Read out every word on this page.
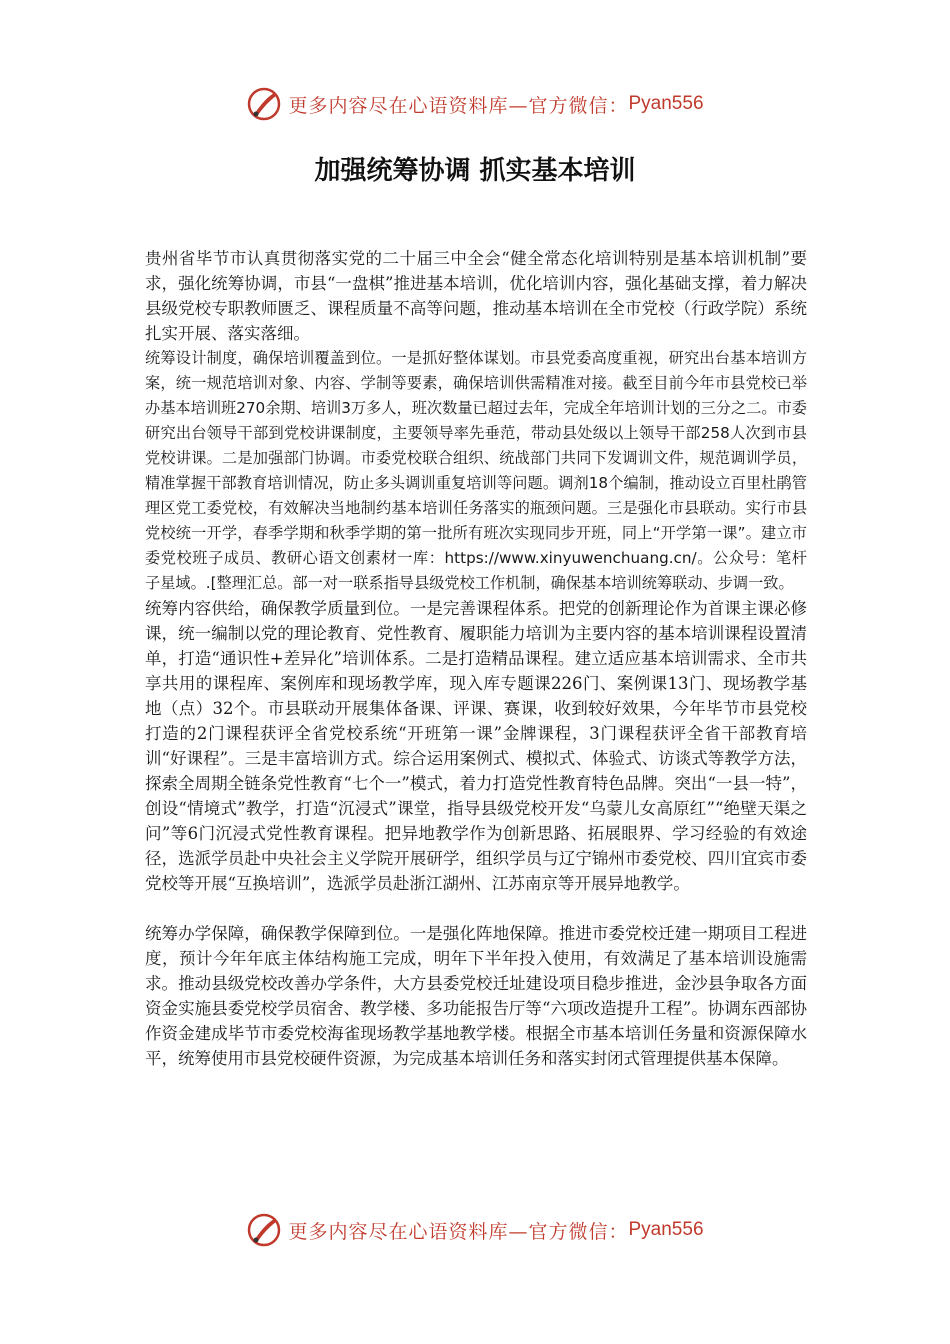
更多内容尽在心语资料库—官方微信： Pyan556
加强统筹协调 抓实基本培训

贵州省毕节市认真贯彻落实党的二十届三中全会“健全常态化培训特别是基本培训机制”要求，强化统筹协调，市县“一盘棋”推进基本培训，优化培训内容，强化基础支撑，着力解决县级党校专职教师匮乏、课程质量不高等问题，推动基本培训在全市党校（行政学院）系统扎实开展、落实落细。

统筹设计制度，确保培训覆盖到位。一是抓好整体谋划。市县党委高度重视，研究出台基本培训方案，统一规范培训对象、内容、学制等要素，确保培训供需精准对接。截至目前今年市县党校已举办基本培训班270余期、培训3万多人，班次数量已超过去年，完成全年培训计划的三分之二。市委研究出台领导干部到党校讲课制度，主要领导率先垂范，带动县处级以上领导干部258人次到市县党校讲课。二是加强部门协调。市委党校联合组织、统战部门共同下发调训文件，规范调训学员，精准掌握干部教育培训情况，防止多头调训重复培训等问题。调剂18个编制，推动设立百里杜鹃管理区党工委党校，有效解决当地制约基本培训任务落实的瓶颈问题。三是强化市县联动。实行市县党校统一开学，春季学期和秋季学期的第一批所有班次实现同步开班，同上“开学第一课”。建立市委党校班子成员、教研心语文创素材一库：https://www.xinyuwenchuang.cn/。公众号：笔杆子星域。.[整理汇总。部一对一联系指导县级党校工作机制，确保基本培训统筹联动、步调一致。

统筹内容供给，确保教学质量到位。一是完善课程体系。把党的创新理论作为首课主课必修课，统一编制以党的理论教育、党性教育、履职能力培训为主要内容的基本培训课程设置清单，打造“通识性+差异化”培训体系。二是打造精品课程。建立适应基本培训需求、全市共享共用的课程库、案例库和现场教学库，现入库专题课226门、案例课13门、现场教学基地（点）32个。市县联动开展集体备课、评课、赛课，收到较好效果，今年毕节市县党校打造的2门课程获评全省党校系统“开班第一课”金牌课程，3门课程获评全省干部教育培训“好课程”。三是丰富培训方式。综合运用案例式、模拟式、体验式、访谈式等教学方法，探索全周期全链条党性教育“七个一”模式，着力打造党性教育特色品牌。突出“一县一特”，创设“情境式”教学，打造“沉浸式”课堂，指导县级党校开发“乌蒙儿女高原红”“绝壁天渠之问”等6门沉浸式党性教育课程。把异地教学作为创新思路、拓展眼界、学习经验的有效途径，选派学员赴中央社会主义学院开展研学，组织学员与辽宁锦州市委党校、四川宜宾市委党校等开展“互换培训”，选派学员赴浙江湖州、江苏南京等开展异地教学。

统筹办学保障，确保教学保障到位。一是强化阵地保障。推进市委党校迁建一期项目工程进度，预计今年年底主体结构施工完成，明年下半年投入使用，有效满足了基本培训设施需求。推动县级党校改善办学条件，大方县委党校迁址建设项目稳步推进，金沙县争取各方面资金实施县委党校学员宿舍、教学楼、多功能报告厅等“六项改造提升工程”。协调东西部协作资金建成毕节市委党校海雀现场教学基地教学楼。根据全市基本培训任务量和资源保障水平，统筹使用市县党校硬件资源，为完成基本培训任务和落实封闭式管理提供基本保障。

更多内容尽在心语资料库—官方微信： Pyan556
